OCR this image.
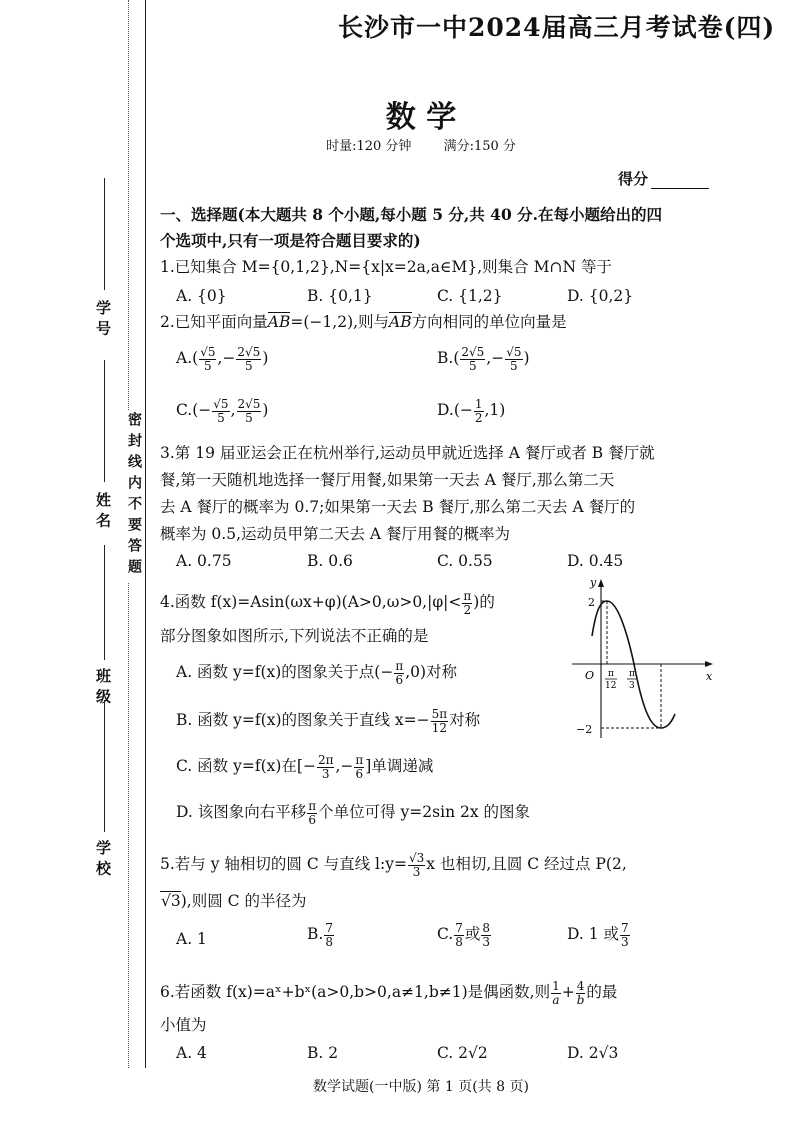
学 号
姓 名
班 级
学 校
密封线内不要答题
长沙市一中2024届高三月考试卷(四)
数 学
时量:120 分钟 满分:150 分
得分
一、选择题(本大题共 8 个小题,每小题 5 分,共 40 分.在每小题给出的四
个选项中,只有一项是符合题目要求的)
1.已知集合 M={0,1,2},N={x|x=2a,a∈M},则集合 M∩N 等于
A. {0}	B. {0,1}	C. {1,2}	D. {0,2}
2.已知平面向量AB=(−1,2),则与AB方向相同的单位向量是
$A.( \frac{√5}{5}$ ,− $\frac{2√5}{5}$ )	$B.( \frac{2√5}{5}$ ,− $\frac{√5}{5}$ )
$C.(- \frac{√5}{5}$ , $\frac{2√5}{5}$ )	$D.(- \frac{1}{2} ,1)$
3.第 19 届亚运会正在杭州举行,运动员甲就近选择 A 餐厅或者 B 餐厅就
餐,第一天随机地选择一餐厅用餐,如果第一天去 A 餐厅,那么第二天
去 A 餐厅的概率为 0.7;如果第一天去 B 餐厅,那么第二天去 A 餐厅的
概率为 0.5,运动员甲第二天去 A 餐厅用餐的概率为
A. 0.75	B. 0.6	C. 0.55	D. 0.45
4.函数 $f(x)=Asin(\omega x+\varphi)(A>0,\omega>0,|\varphi|< \frac{\pi}{2}$ )的
部分图象如图所示,下列说法不正确的是
A. 函数 y=f(x)的图象关于点(− $\frac{\pi}{6} ,0$)对称
B. 函数 y=f(x)的图象关于直线 $x=- \frac{5\pi}{12}$ 对称
C. 函数 y=f(x)在[− $\frac{2\pi}{3}$ ,− $\frac{\pi}{6}$ ]单调递减
D. 该图象向右平移 $\frac{\pi}{6}$ 个单位可得 y=2sin 2x 的图象
y
x
O
2
−2
π
12
π
3
5.若与 y 轴相切的圆 C 与直线 l:y= $\frac{√3}{3}$ x 也相切,且圆 C 经过点 P(2,
√3),则圆 C 的半径为
A. 1	B. $\frac{7}{8}$	C. $\frac{7}{8}$ 或 $\frac{8}{3}$	D. 1 或 $\frac{7}{3}$
6.若函数 f(x)=aˣ+bˣ(a>0,b>0,a≠1,b≠1)是偶函数,则 $\frac{1}{a} + \frac{4}{b}$ 的最
小值为
A. 4	B. 2	C. 2√2	D. 2√3
数学试题(一中版) 第 1 页(共 8 页)
